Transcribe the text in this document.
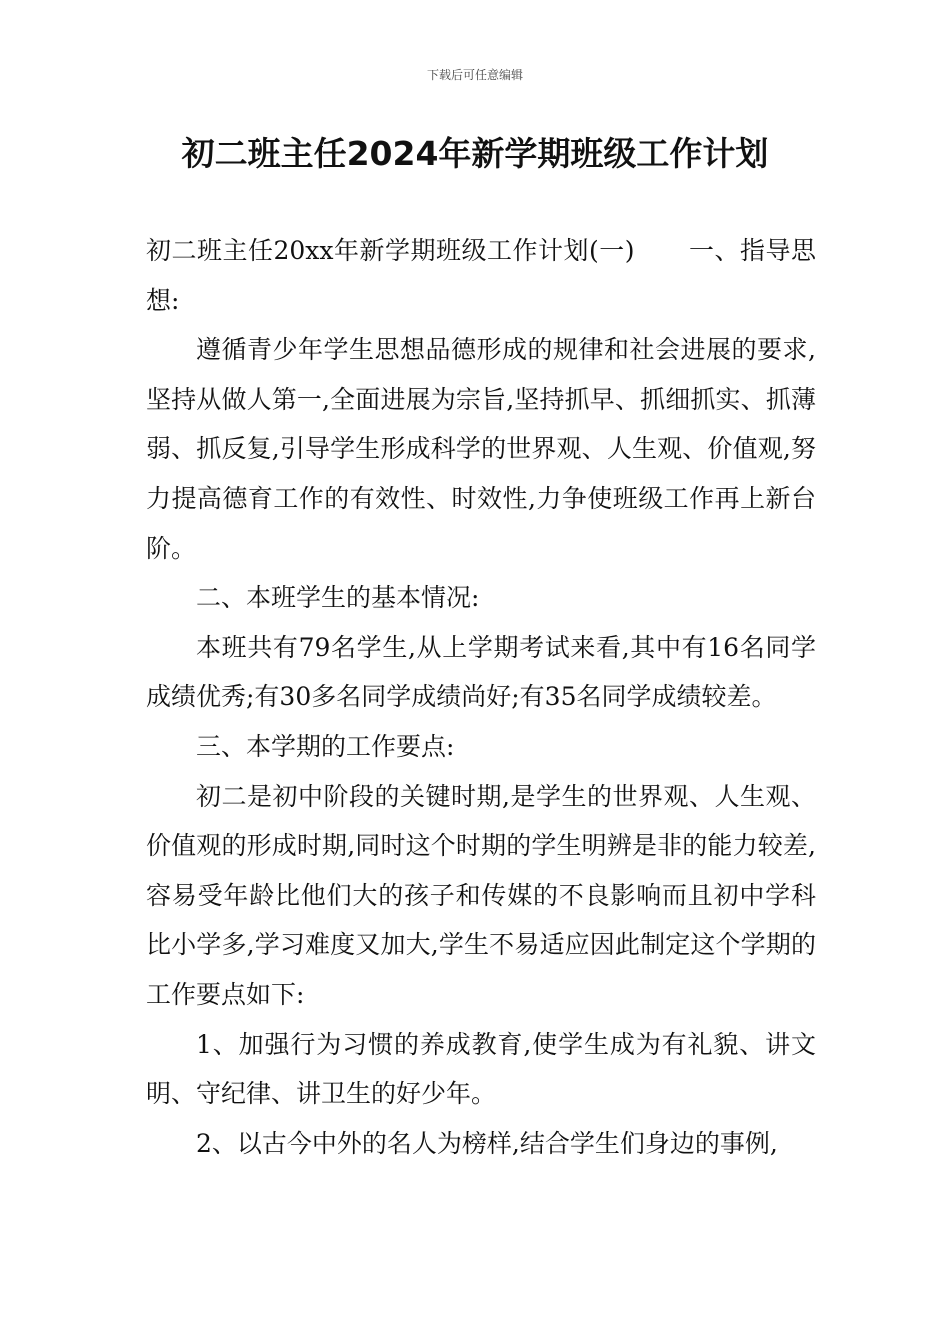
下载后可任意编辑
初二班主任2024年新学期班级工作计划

初二班主任20xx年新学期班级工作计划(一) 一、指导思想:

遵循青少年学生思想品德形成的规律和社会进展的要求,坚持从做人第一,全面进展为宗旨,坚持抓早、抓细抓实、抓薄弱、抓反复,引导学生形成科学的世界观、人生观、价值观,努力提高德育工作的有效性、时效性,力争使班级工作再上新台阶。

二、本班学生的基本情况:

本班共有79名学生,从上学期考试来看,其中有16名同学成绩优秀;有30多名同学成绩尚好;有35名同学成绩较差。

三、本学期的工作要点:

初二是初中阶段的关键时期,是学生的世界观、人生观、价值观的形成时期,同时这个时期的学生明辨是非的能力较差,容易受年龄比他们大的孩子和传媒的不良影响而且初中学科比小学多,学习难度又加大,学生不易适应因此制定这个学期的工作要点如下:

1、加强行为习惯的养成教育,使学生成为有礼貌、讲文明、守纪律、讲卫生的好少年。

2、以古今中外的名人为榜样,结合学生们身边的事例,
